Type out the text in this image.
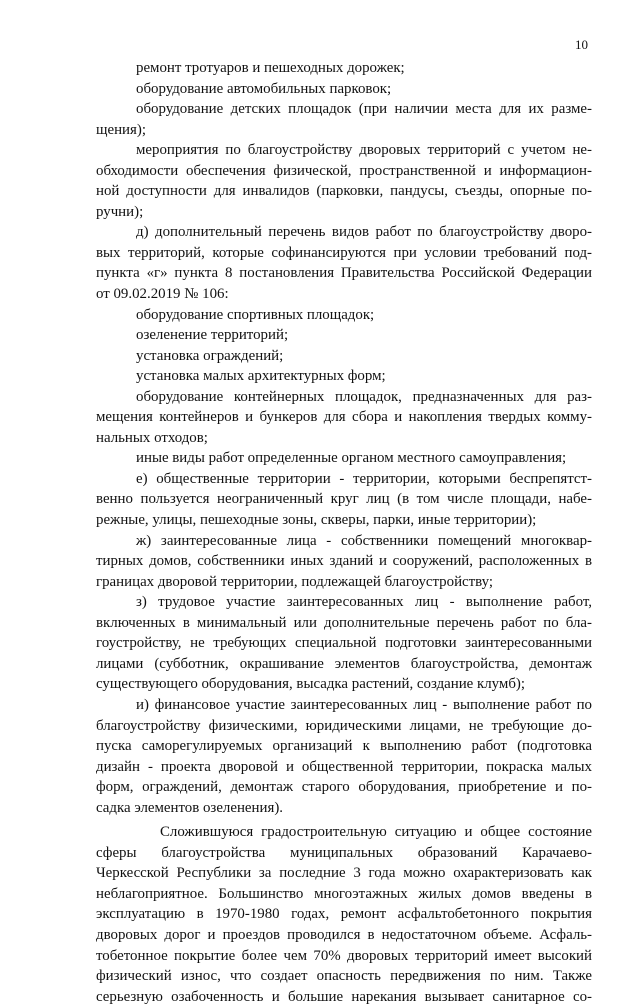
10
ремонт тротуаров и пешеходных дорожек;
оборудование автомобильных парковок;
оборудование детских площадок (при наличии места для их разме-
щения);
мероприятия по благоустройству дворовых территорий с учетом не-
обходимости обеспечения физической, пространственной и информацион-
ной доступности для инвалидов (парковки, пандусы, съезды, опорные по-
ручни);
д) дополнительный перечень видов работ по благоустройству дворо-
вых территорий, которые софинансируются при условии требований под-
пункта «г» пункта 8 постановления Правительства Российской Федерации
от 09.02.2019 № 106:
оборудование спортивных площадок;
озеленение территорий;
установка ограждений;
установка малых архитектурных форм;
оборудование контейнерных площадок, предназначенных для раз-
мещения контейнеров и бункеров для сбора и накопления твердых комму-
нальных отходов;
иные виды работ определенные органом местного самоуправления;
е) общественные территории - территории, которыми беспрепятст-
венно пользуется неограниченный круг лиц (в том числе площади, набе-
режные, улицы, пешеходные зоны, скверы, парки, иные территории);
ж) заинтересованные лица - собственники помещений многоквар-
тирных домов, собственники иных зданий и сооружений, расположенных в
границах дворовой территории, подлежащей благоустройству;
з) трудовое участие заинтересованных лиц - выполнение работ,
включенных в минимальный или дополнительные перечень работ по бла-
гоустройству, не требующих специальной подготовки заинтересованными
лицами (субботник, окрашивание элементов благоустройства, демонтаж
существующего оборудования, высадка растений, создание клумб);
и) финансовое участие заинтересованных лиц - выполнение работ по
благоустройству физическими, юридическими лицами, не требующие до-
пуска саморегулируемых организаций к выполнению работ (подготовка
дизайн - проекта дворовой и общественной территории, покраска малых
форм, ограждений, демонтаж старого оборудования, приобретение и по-
садка элементов озеленения).
Сложившуюся градостроительную ситуацию и общее состояние
сферы благоустройства муниципальных образований Карачаево-
Черкесской Республики за последние 3 года можно охарактеризовать как
неблагоприятное. Большинство многоэтажных жилых домов введены в
эксплуатацию в 1970-1980 годах, ремонт асфальтобетонного покрытия
дворовых дорог и проездов проводился в недостаточном объеме. Асфаль-
тобетонное покрытие более чем 70% дворовых территорий имеет высокий
физический износ, что создает опасность передвижения по ним. Также
серьезную озабоченность и большие нарекания вызывает санитарное со-
